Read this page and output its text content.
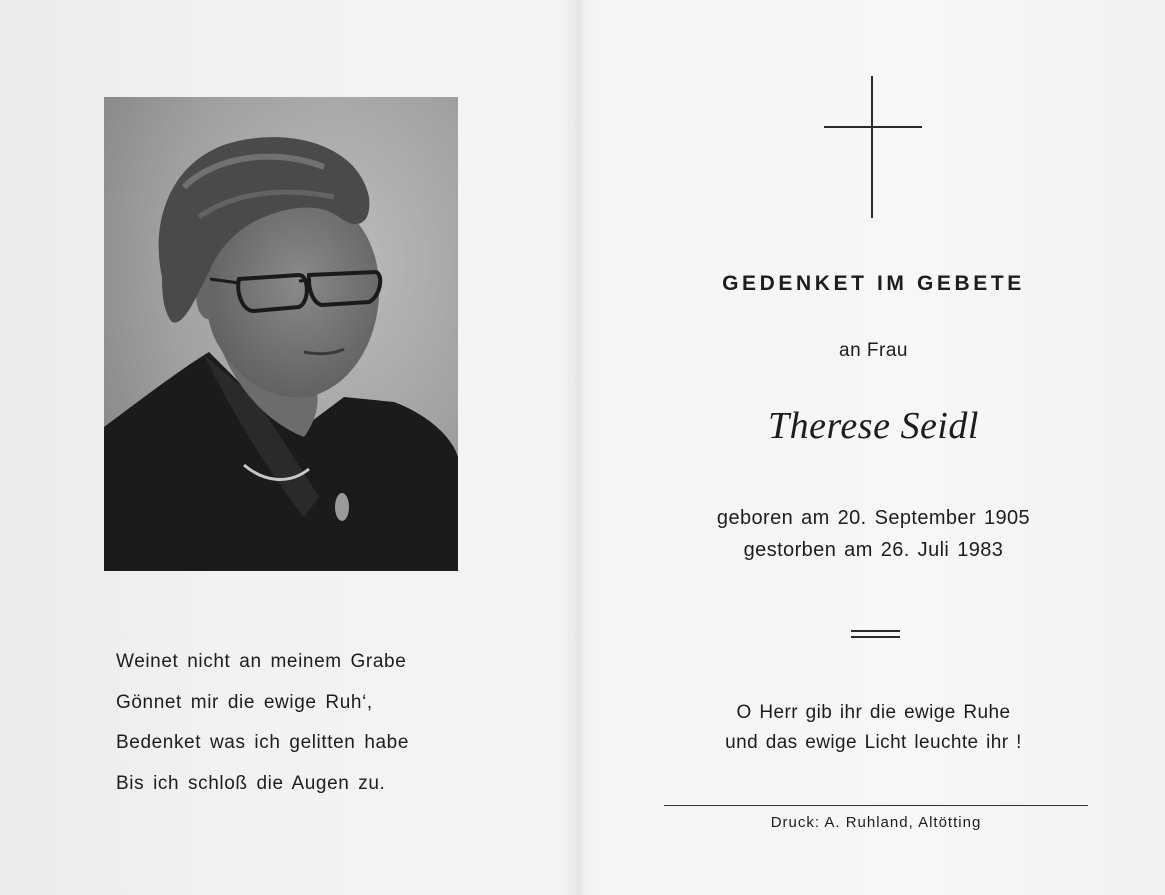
Weinet nicht an meinem Grabe
Gönnet mir die ewige Ruh‘,
Bedenket was ich gelitten habe
Bis ich schloß die Augen zu.
GEDENKET IM GEBETE
an Frau
Therese Seidl
geboren am 20. September 1905
gestorben am 26. Juli 1983
O Herr gib ihr die ewige Ruhe
und das ewige Licht leuchte ihr !
Druck: A. Ruhland, Altötting
